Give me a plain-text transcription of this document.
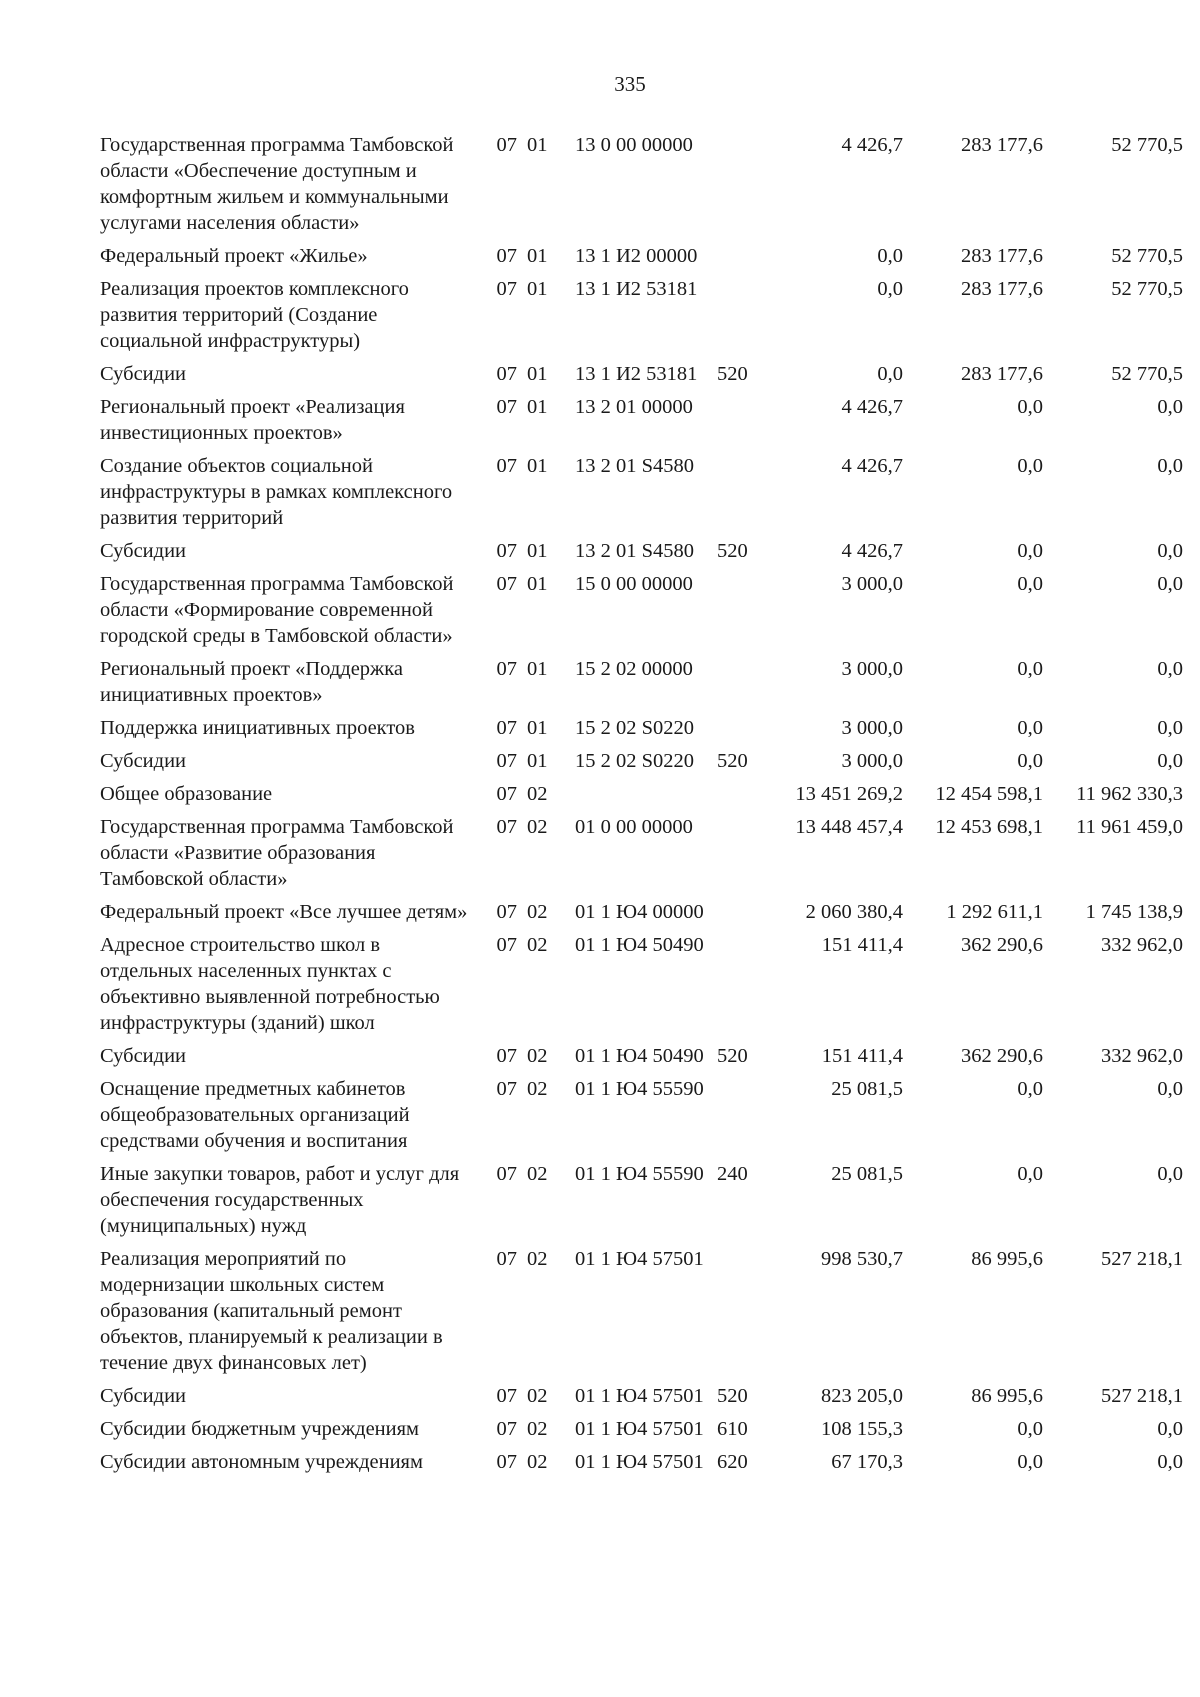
335
Государственная программа Тамбовской области «Обеспечение доступным и комфортным жильем и коммунальными услугами населения области»	07	01	13 0 00 00000		4 426,7	283 177,6	52 770,5
Федеральный проект «Жилье»	07	01	13 1 И2 00000		0,0	283 177,6	52 770,5
Реализация проектов комплексного развития территорий (Создание социальной инфраструктуры)	07	01	13 1 И2 53181		0,0	283 177,6	52 770,5
Субсидии	07	01	13 1 И2 53181	520	0,0	283 177,6	52 770,5
Региональный проект «Реализация инвестиционных проектов»	07	01	13 2 01 00000		4 426,7	0,0	0,0
Создание объектов социальной инфраструктуры в рамках комплексного развития территорий	07	01	13 2 01 S4580		4 426,7	0,0	0,0
Субсидии	07	01	13 2 01 S4580	520	4 426,7	0,0	0,0
Государственная программа Тамбовской области «Формирование современной городской среды в Тамбовской области»	07	01	15 0 00 00000		3 000,0	0,0	0,0
Региональный проект «Поддержка инициативных проектов»	07	01	15 2 02 00000		3 000,0	0,0	0,0
Поддержка инициативных проектов	07	01	15 2 02 S0220		3 000,0	0,0	0,0
Субсидии	07	01	15 2 02 S0220	520	3 000,0	0,0	0,0
Общее образование	07	02			13 451 269,2	12 454 598,1	11 962 330,3
Государственная программа Тамбовской области «Развитие образования Тамбовской области»	07	02	01 0 00 00000		13 448 457,4	12 453 698,1	11 961 459,0
Федеральный проект «Все лучшее детям»	07	02	01 1 Ю4 00000		2 060 380,4	1 292 611,1	1 745 138,9
Адресное строительство школ в отдельных населенных пунктах с объективно выявленной потребностью инфраструктуры (зданий) школ	07	02	01 1 Ю4 50490		151 411,4	362 290,6	332 962,0
Субсидии	07	02	01 1 Ю4 50490	520	151 411,4	362 290,6	332 962,0
Оснащение предметных кабинетов общеобразовательных организаций средствами обучения и воспитания	07	02	01 1 Ю4 55590		25 081,5	0,0	0,0
Иные закупки товаров, работ и услуг для обеспечения государственных (муниципальных) нужд	07	02	01 1 Ю4 55590	240	25 081,5	0,0	0,0
Реализация мероприятий по модернизации школьных систем образования (капитальный ремонт объектов, планируемый к реализации в течение двух финансовых лет)	07	02	01 1 Ю4 57501		998 530,7	86 995,6	527 218,1
Субсидии	07	02	01 1 Ю4 57501	520	823 205,0	86 995,6	527 218,1
Субсидии бюджетным учреждениям	07	02	01 1 Ю4 57501	610	108 155,3	0,0	0,0
Субсидии автономным учреждениям	07	02	01 1 Ю4 57501	620	67 170,3	0,0	0,0
